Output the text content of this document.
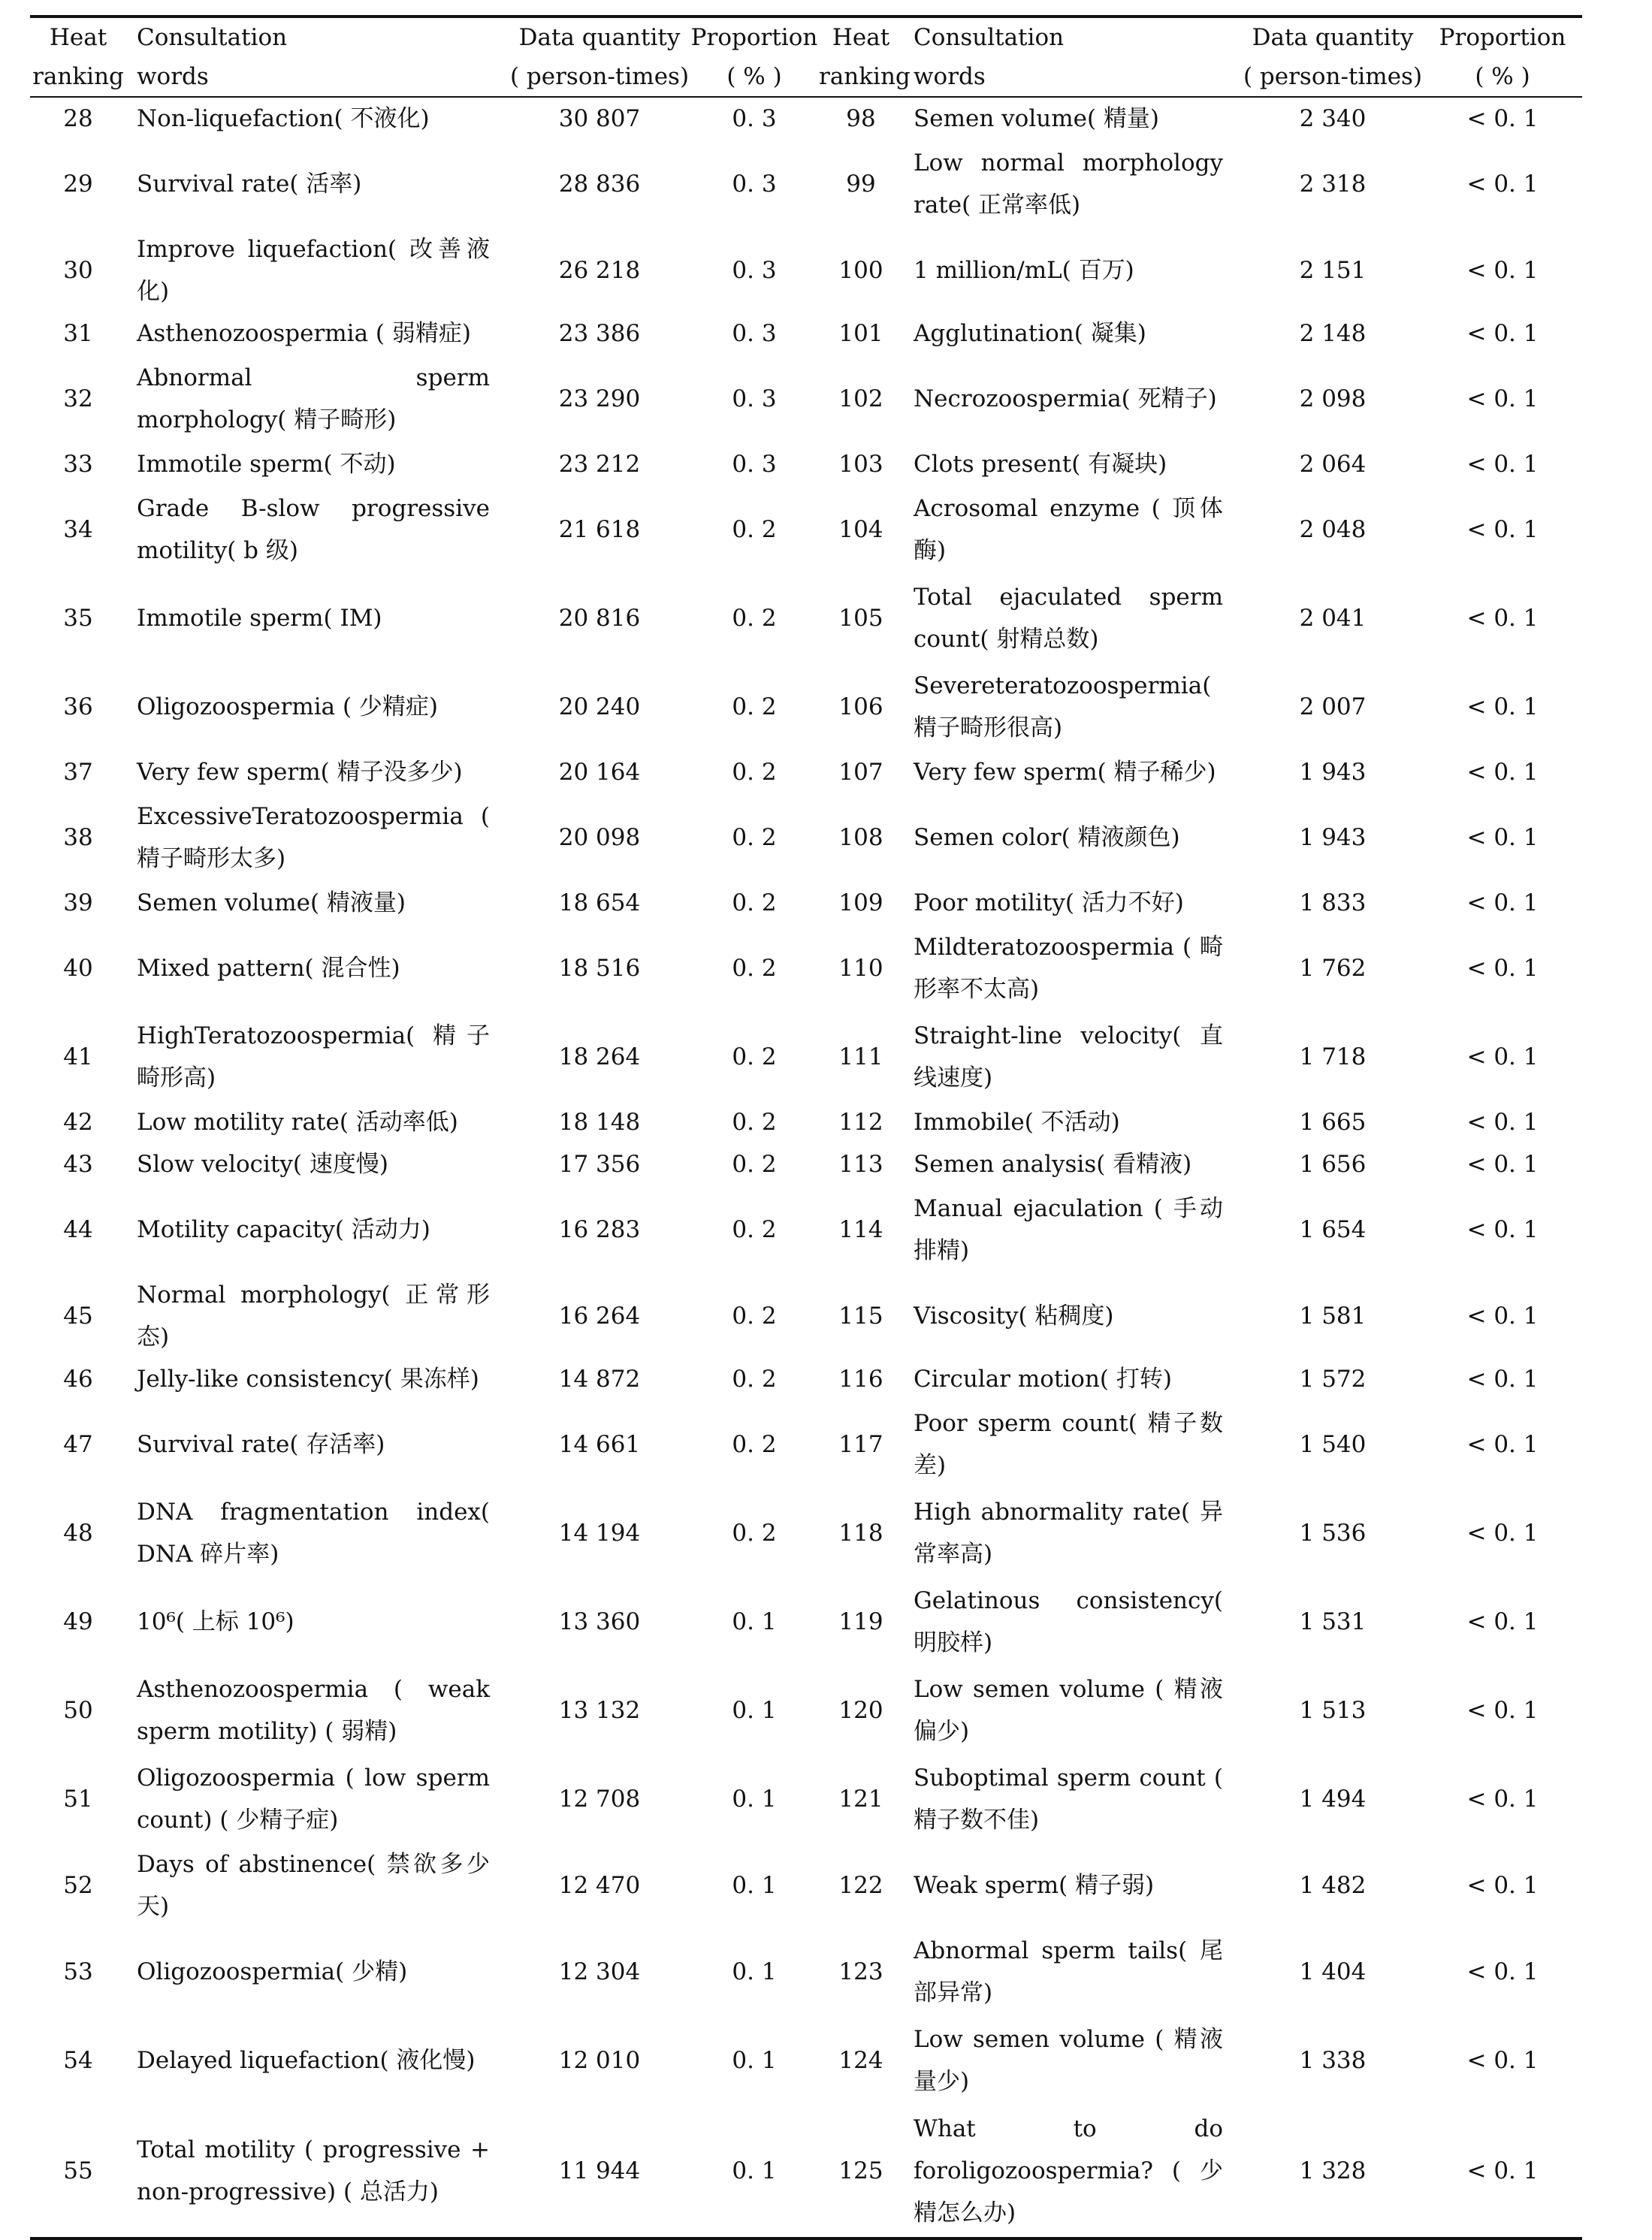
Heat	Consultation	Data quantity	Proportion	Heat	Consultation	Data quantity	Proportion
ranking	words	( person-times)	( % )	ranking	words	( person-times)	( % )
28	Non-liquefaction( 不液化)	30 807	0. 3	98	Semen volume( 精量)	2 340	< 0. 1
29	Survival rate( 活率)	28 836	0. 3	99	Low normal morphology rate( 正常率低)	2 318	< 0. 1
30	Improve liquefaction( 改善液化)	26 218	0. 3	100	1 million/mL( 百万)	2 151	< 0. 1
31	Asthenozoospermia ( 弱精症)	23 386	0. 3	101	Agglutination( 凝集)	2 148	< 0. 1
32	Abnormal sperm morphology( 精子畸形)	23 290	0. 3	102	Necrozoospermia( 死精子)	2 098	< 0. 1
33	Immotile sperm( 不动)	23 212	0. 3	103	Clots present( 有凝块)	2 064	< 0. 1
34	Grade B-slow progressive motility( b 级)	21 618	0. 2	104	Acrosomal enzyme ( 顶体酶)	2 048	< 0. 1
35	Immotile sperm( IM)	20 816	0. 2	105	Total ejaculated sperm count( 射精总数)	2 041	< 0. 1
36	Oligozoospermia ( 少精症)	20 240	0. 2	106	Severeteratozoospermia( 精子畸形很高)	2 007	< 0. 1
37	Very few sperm( 精子没多少)	20 164	0. 2	107	Very few sperm( 精子稀少)	1 943	< 0. 1
38	ExcessiveTeratozoospermia ( 精子畸形太多)	20 098	0. 2	108	Semen color( 精液颜色)	1 943	< 0. 1
39	Semen volume( 精液量)	18 654	0. 2	109	Poor motility( 活力不好)	1 833	< 0. 1
40	Mixed pattern( 混合性)	18 516	0. 2	110	Mildteratozoospermia ( 畸形率不太高)	1 762	< 0. 1
41	HighTeratozoospermia( 精子畸形高)	18 264	0. 2	111	Straight-line velocity( 直线速度)	1 718	< 0. 1
42	Low motility rate( 活动率低)	18 148	0. 2	112	Immobile( 不活动)	1 665	< 0. 1
43	Slow velocity( 速度慢)	17 356	0. 2	113	Semen analysis( 看精液)	1 656	< 0. 1
44	Motility capacity( 活动力)	16 283	0. 2	114	Manual ejaculation ( 手动排精)	1 654	< 0. 1
45	Normal morphology( 正常形态)	16 264	0. 2	115	Viscosity( 粘稠度)	1 581	< 0. 1
46	Jelly-like consistency( 果冻样)	14 872	0. 2	116	Circular motion( 打转)	1 572	< 0. 1
47	Survival rate( 存活率)	14 661	0. 2	117	Poor sperm count( 精子数差)	1 540	< 0. 1
48	DNA fragmentation index( DNA 碎片率)	14 194	0. 2	118	High abnormality rate( 异常率高)	1 536	< 0. 1
49	10⁶( 上标 10⁶)	13 360	0. 1	119	Gelatinous consistency( 明胶样)	1 531	< 0. 1
50	Asthenozoospermia ( weak sperm motility) ( 弱精)	13 132	0. 1	120	Low semen volume ( 精液偏少)	1 513	< 0. 1
51	Oligozoospermia ( low sperm count) ( 少精子症)	12 708	0. 1	121	Suboptimal sperm count ( 精子数不佳)	1 494	< 0. 1
52	Days of abstinence( 禁欲多少天)	12 470	0. 1	122	Weak sperm( 精子弱)	1 482	< 0. 1
53	Oligozoospermia( 少精)	12 304	0. 1	123	Abnormal sperm tails( 尾部异常)	1 404	< 0. 1
54	Delayed liquefaction( 液化慢)	12 010	0. 1	124	Low semen volume ( 精液量少)	1 338	< 0. 1
55	Total motility ( progressive + non-progressive) ( 总活力)	11 944	0. 1	125	What to do foroligozoospermia? ( 少精怎么办)	1 328	< 0. 1
